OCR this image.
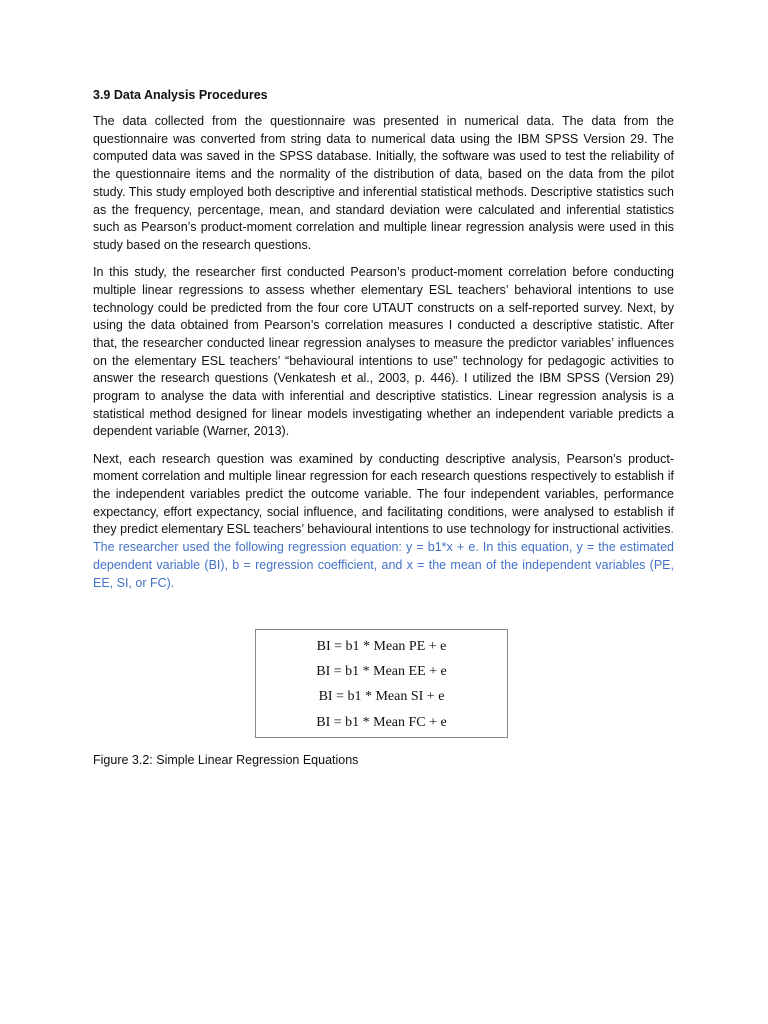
3.9 Data Analysis Procedures

The data collected from the questionnaire was presented in numerical data. The data from the questionnaire was converted from string data to numerical data using the IBM SPSS Version 29. The computed data was saved in the SPSS database. Initially, the software was used to test the reliability of the questionnaire items and the normality of the distribution of data, based on the data from the pilot study. This study employed both descriptive and inferential statistical methods. Descriptive statistics such as the frequency, percentage, mean, and standard deviation were calculated and inferential statistics such as Pearson’s product-moment correlation and multiple linear regression analysis were used in this study based on the research questions.

In this study, the researcher first conducted Pearson’s product-moment correlation before conducting multiple linear regressions to assess whether elementary ESL teachers’ behavioral intentions to use technology could be predicted from the four core UTAUT constructs on a self-reported survey. Next, by using the data obtained from Pearson’s correlation measures I conducted a descriptive statistic. After that, the researcher conducted linear regression analyses to measure the predictor variables’ influences on the elementary ESL teachers’ “behavioural intentions to use” technology for pedagogic activities to answer the research questions (Venkatesh et al., 2003, p. 446). I utilized the IBM SPSS (Version 29) program to analyse the data with inferential and descriptive statistics. Linear regression analysis is a statistical method designed for linear models investigating whether an independent variable predicts a dependent variable (Warner, 2013).

Next, each research question was examined by conducting descriptive analysis, Pearson’s product-moment correlation and multiple linear regression for each research questions respectively to establish if the independent variables predict the outcome variable. The four independent variables, performance expectancy, effort expectancy, social influence, and facilitating conditions, were analysed to establish if they predict elementary ESL teachers’ behavioural intentions to use technology for instructional activities. The researcher used the following regression equation: y = b1*x + e. In this equation, y = the estimated dependent variable (BI), b = regression coefficient, and x = the mean of the independent variables (PE, EE, SI, or FC).

BI = b1 * Mean PE + e
BI = b1 * Mean EE + e
BI = b1 * Mean SI + e
BI = b1 * Mean FC + e
Figure 3.2: Simple Linear Regression Equations
